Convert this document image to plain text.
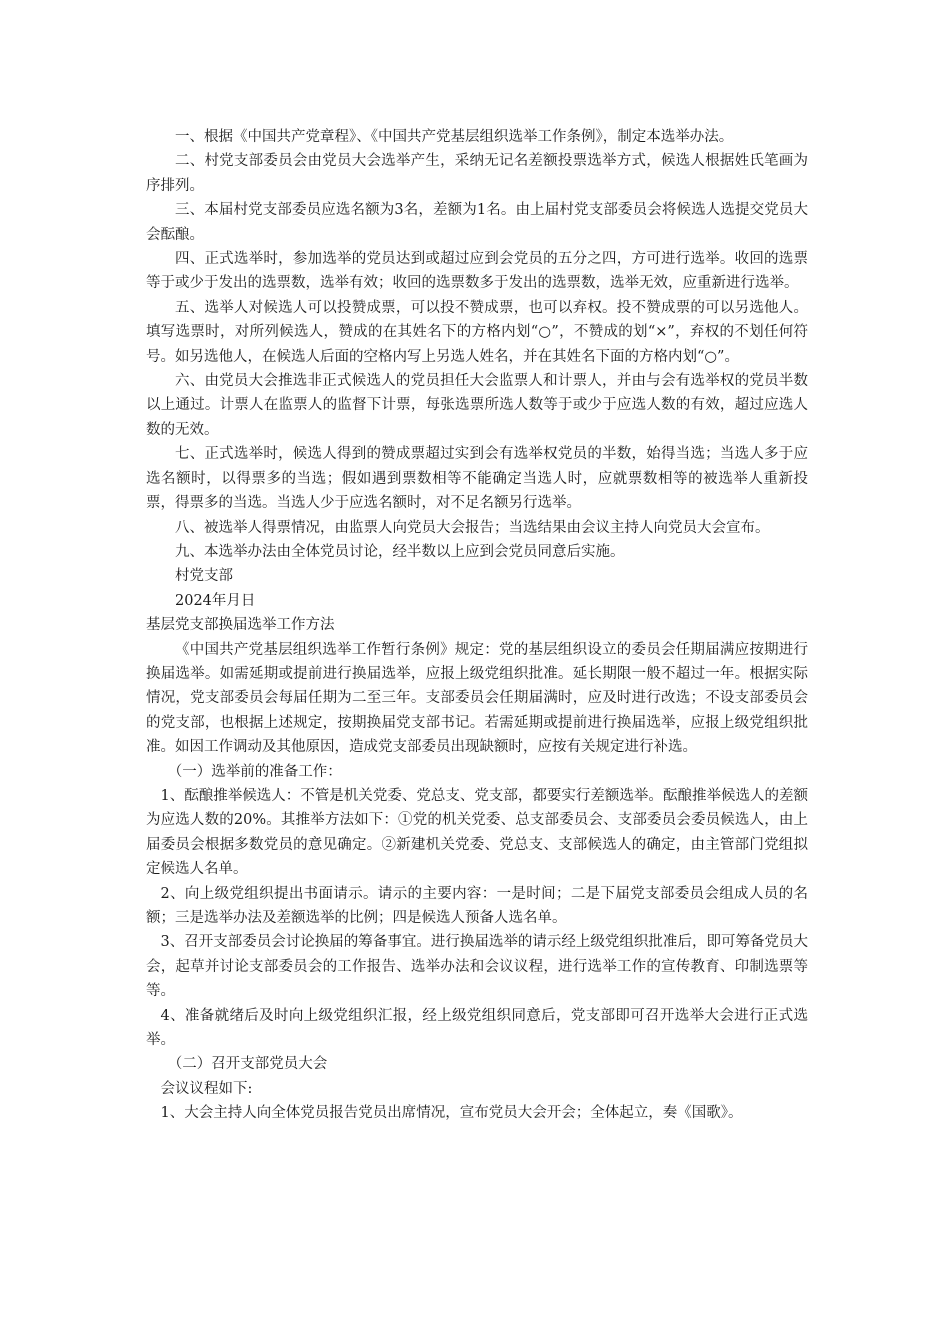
一、根据《中国共产党章程》、《中国共产党基层组织选举工作条例》，制定本选举办法。

二、村党支部委员会由党员大会选举产生，采纳无记名差额投票选举方式，候选人根据姓氏笔画为序排列。

三、本届村党支部委员应选名额为3名，差额为1名。由上届村党支部委员会将候选人选提交党员大会酝酿。

四、正式选举时，参加选举的党员达到或超过应到会党员的五分之四，方可进行选举。收回的选票等于或少于发出的选票数，选举有效；收回的选票数多于发出的选票数，选举无效，应重新进行选举。

五、选举人对候选人可以投赞成票，可以投不赞成票，也可以弃权。投不赞成票的可以另选他人。填写选票时，对所列候选人，赞成的在其姓名下的方格内划“○”，不赞成的划“×”，弃权的不划任何符号。如另选他人，在候选人后面的空格内写上另选人姓名，并在其姓名下面的方格内划“○”。

六、由党员大会推选非正式候选人的党员担任大会监票人和计票人，并由与会有选举权的党员半数以上通过。计票人在监票人的监督下计票，每张选票所选人数等于或少于应选人数的有效，超过应选人数的无效。

七、正式选举时，候选人得到的赞成票超过实到会有选举权党员的半数，始得当选；当选人多于应选名额时，以得票多的当选；假如遇到票数相等不能确定当选人时，应就票数相等的被选举人重新投票，得票多的当选。当选人少于应选名额时，对不足名额另行选举。

八、被选举人得票情况，由监票人向党员大会报告；当选结果由会议主持人向党员大会宣布。

九、本选举办法由全体党员讨论，经半数以上应到会党员同意后实施。

村党支部

2024年月日

基层党支部换届选举工作方法

《中国共产党基层组织选举工作暂行条例》规定：党的基层组织设立的委员会任期届满应按期进行换届选举。如需延期或提前进行换届选举，应报上级党组织批准。延长期限一般不超过一年。根据实际情况，党支部委员会每届任期为二至三年。支部委员会任期届满时，应及时进行改选；不设支部委员会的党支部，也根据上述规定，按期换届党支部书记。若需延期或提前进行换届选举，应报上级党组织批准。如因工作调动及其他原因，造成党支部委员出现缺额时，应按有关规定进行补选。

（一）选举前的准备工作：

1、酝酿推举候选人：不管是机关党委、党总支、党支部，都要实行差额选举。酝酿推举候选人的差额为应选人数的20%。其推举方法如下：①党的机关党委、总支部委员会、支部委员会委员候选人，由上届委员会根据多数党员的意见确定。②新建机关党委、党总支、支部候选人的确定，由主管部门党组拟定候选人名单。

2、向上级党组织提出书面请示。请示的主要内容：一是时间；二是下届党支部委员会组成人员的名额；三是选举办法及差额选举的比例；四是候选人预备人选名单。

3、召开支部委员会讨论换届的筹备事宜。进行换届选举的请示经上级党组织批准后，即可筹备党员大会，起草并讨论支部委员会的工作报告、选举办法和会议议程，进行选举工作的宣传教育、印制选票等等。

4、准备就绪后及时向上级党组织汇报，经上级党组织同意后，党支部即可召开选举大会进行正式选举。

（二）召开支部党员大会

会议议程如下:

1、大会主持人向全体党员报告党员出席情况，宣布党员大会开会；全体起立，奏《国歌》。
